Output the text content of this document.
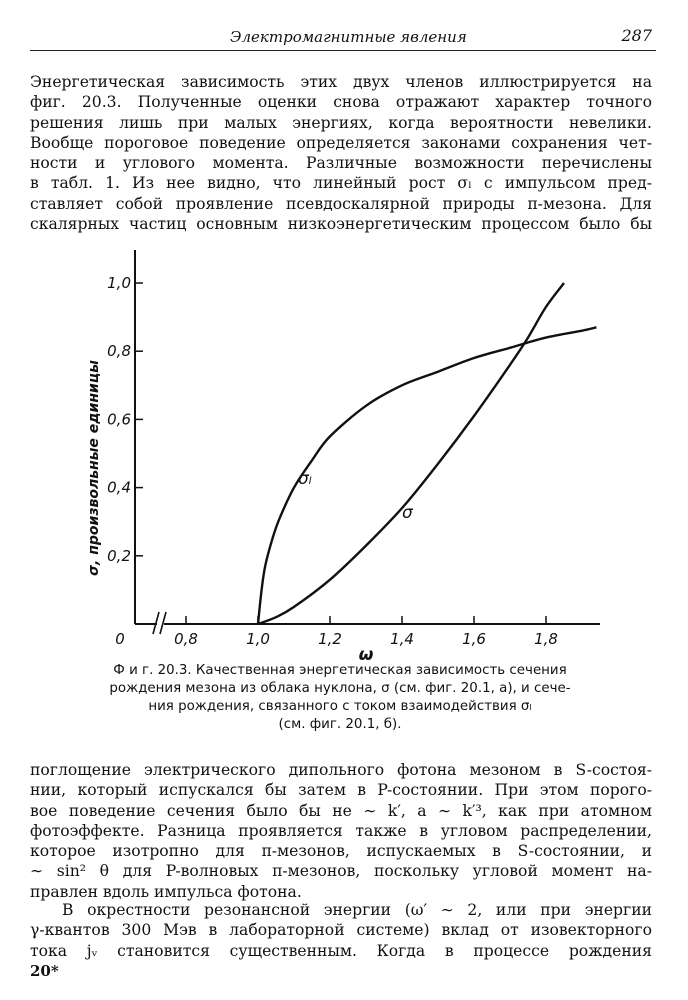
Электромагнитные явления	287
Энергетическая зависимость этих двух членов иллюстрируется на
фиг. 20.3. Полученные оценки снова отражают характер точного
решения лишь при малых энергиях, когда вероятности невелики.
Вообще пороговое поведение определяется законами сохранения чет-
ности и углового момента. Различные возможности перечислены
в табл. 1. Из нее видно, что линейный рост σₗ с импульсом пред-
ставляет собой проявление псевдоскалярной природы π-мезона. Для
скалярных частиц основным низкоэнергетическим процессом было бы
0,8	1,0	1,2	1,4	1,6	1,8
0,2
0,4
0,6
0,8
1,0
0
ω
σ, произвольные единицы	σₗ
σ
Ф и г. 20.3. Качественная энергетическая зависимость сечения
рождения мезона из облака нуклона, σ (см. фиг. 20.1, а), и сече-
ния рождения, связанного с током взаимодействия σₗ
(см. фиг. 20.1, б).
поглощение электрического дипольного фотона мезоном в S-состоя-
нии, который испускался бы затем в P-состоянии. При этом порого-
вое поведение сечения было бы не ∼ k′, а ∼ k′³, как при атомном
фотоэффекте. Разница проявляется также в угловом распределении,
которое изотропно для π-мезонов, испускаемых в S-состоянии, и
∼ sin² θ для P-волновых π-мезонов, поскольку угловой момент на-
правлен вдоль импульса фотона.
В окрестности резонансной энергии (ω′ ∼ 2, или при энергии
γ-квантов 300 Мэв в лабораторной системе) вклад от изовекторного
тока jᵥ становится существенным. Когда в процессе рождения
20*
